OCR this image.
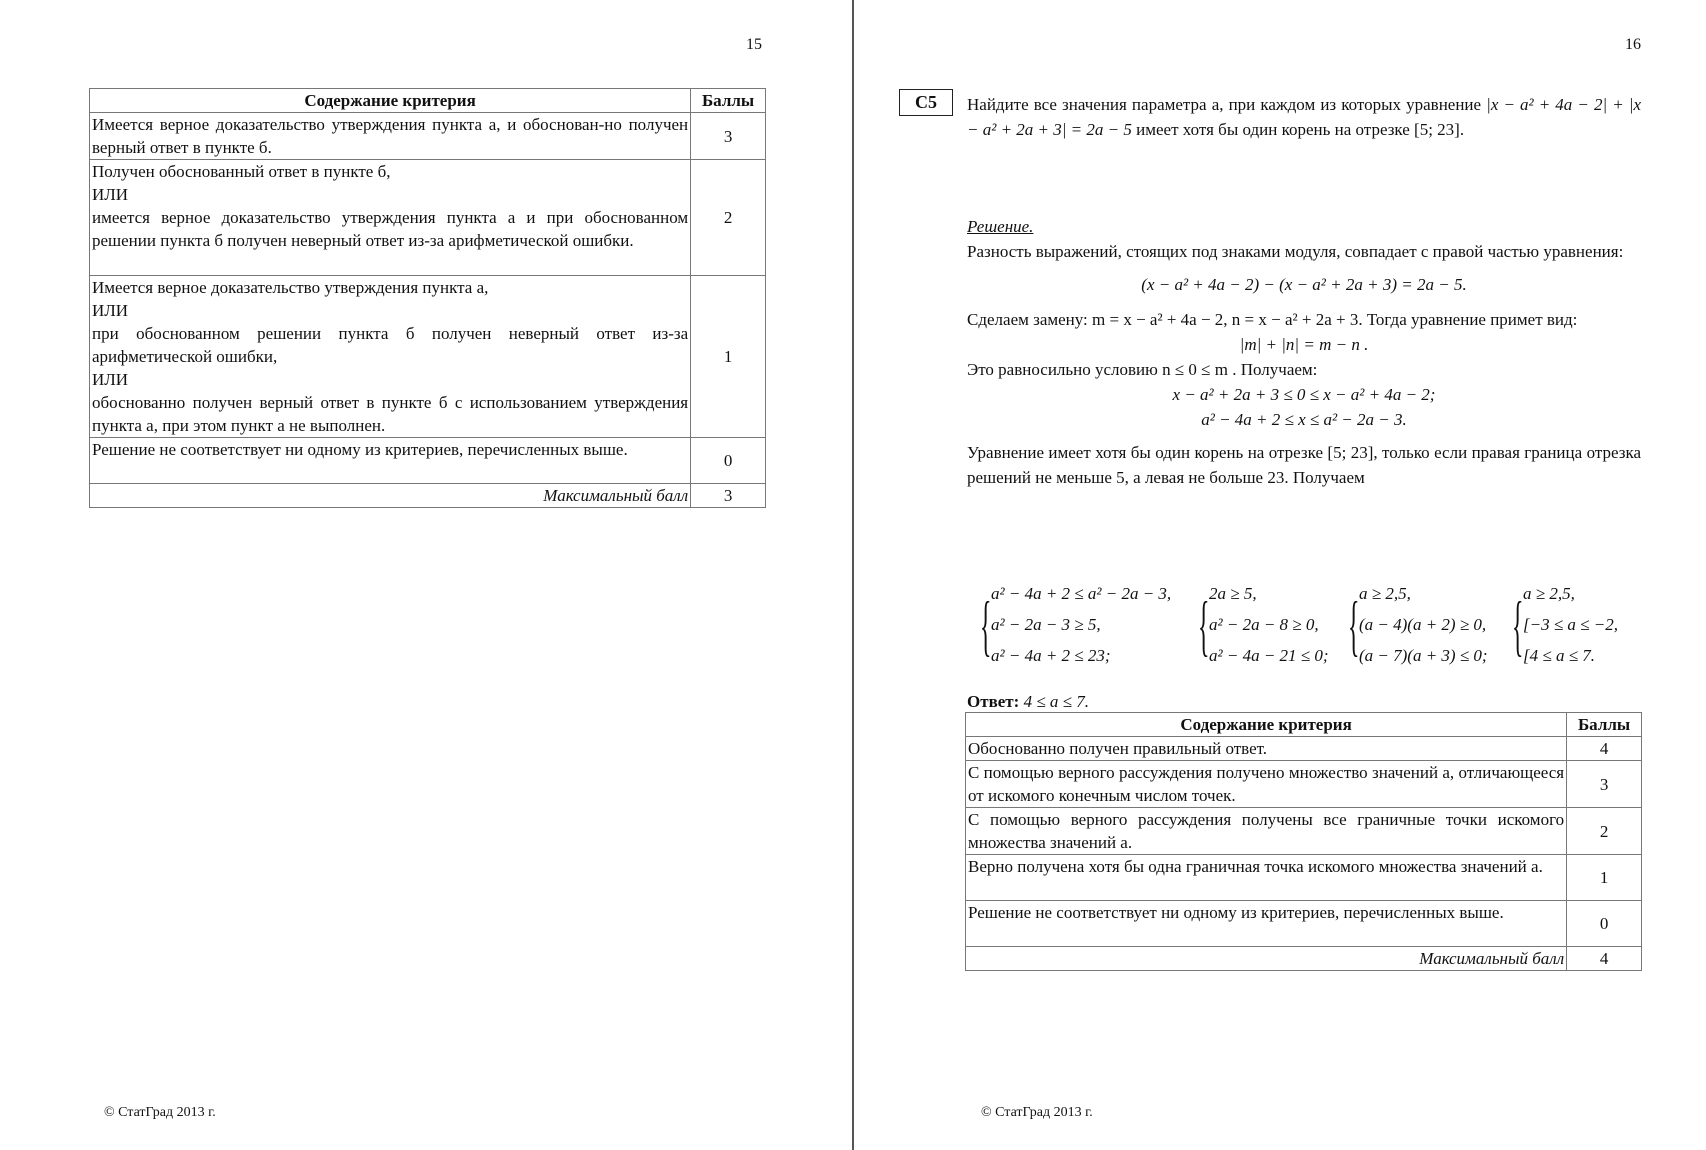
15
Содержание критерия	Баллы
Имеется верное доказательство утверждения пункта а, и обоснован-но получен верный ответ в пункте б.	3

Получен обоснованный ответ в пункте б,
ИЛИ
имеется верное доказательство утверждения пункта а и при обоснованном решении пункта б получен неверный ответ из-за арифметической ошибки.	2

Имеется верное доказательство утверждения пункта а,
ИЛИ
при обоснованном решении пункта б получен неверный ответ из-за арифметической ошибки,
ИЛИ
обоснованно получен верный ответ в пункте б с использованием утверждения пункта а, при этом пункт а не выполнен.	1
Решение не соответствует ни одному из критериев, перечисленных выше.	0
Максимальный балл	3
© СтатГрад 2013 г.
16
C5	Найдите все значения параметра a, при каждом из которых уравнение |x − a² + 4a − 2| + |x − a² + 2a + 3| = 2a − 5 имеет хотя бы один корень на отрезке [5; 23].
Решение.
Разность выражений, стоящих под знаками модуля, совпадает с правой частью уравнения:
(x − a² + 4a − 2) − (x − a² + 2a + 3) = 2a − 5.
Сделаем замену: m = x − a² + 4a − 2, n = x − a² + 2a + 3. Тогда уравнение примет вид:
|m| + |n| = m − n .
Это равносильно условию n ≤ 0 ≤ m . Получаем:
x − a² + 2a + 3 ≤ 0 ≤ x − a² + 4a − 2;
a² − 4a + 2 ≤ x ≤ a² − 2a − 3.
Уравнение имеет хотя бы один корень на отрезке [5; 23], только если правая граница отрезка решений не меньше 5, а левая не больше 23. Получаем
{ a² − 4a + 2 ≤ a² − 2a − 3,
a² − 2a − 3 ≥ 5,
a² − 4a + 2 ≤ 23;	{ 2a ≥ 5,
a² − 2a − 8 ≥ 0,
a² − 4a − 21 ≤ 0; { a ≥ 2,5,
(a − 4)(a + 2) ≥ 0,
(a − 7)(a + 3) ≤ 0; { a ≥ 2,5,
[−3 ≤ a ≤ −2,
[4 ≤ a ≤ 7.
Ответ: 4 ≤ a ≤ 7.
Содержание критерия	Баллы
Обоснованно получен правильный ответ.	4
С помощью верного рассуждения получено множество значений a, отличающееся от искомого конечным числом точек.	3
С помощью верного рассуждения получены все граничные точки искомого множества значений a.	2
Верно получена хотя бы одна граничная точка искомого множества значений a.	1
Решение не соответствует ни одному из критериев, перечисленных выше.	0
Максимальный балл	4
© СтатГрад 2013 г.
